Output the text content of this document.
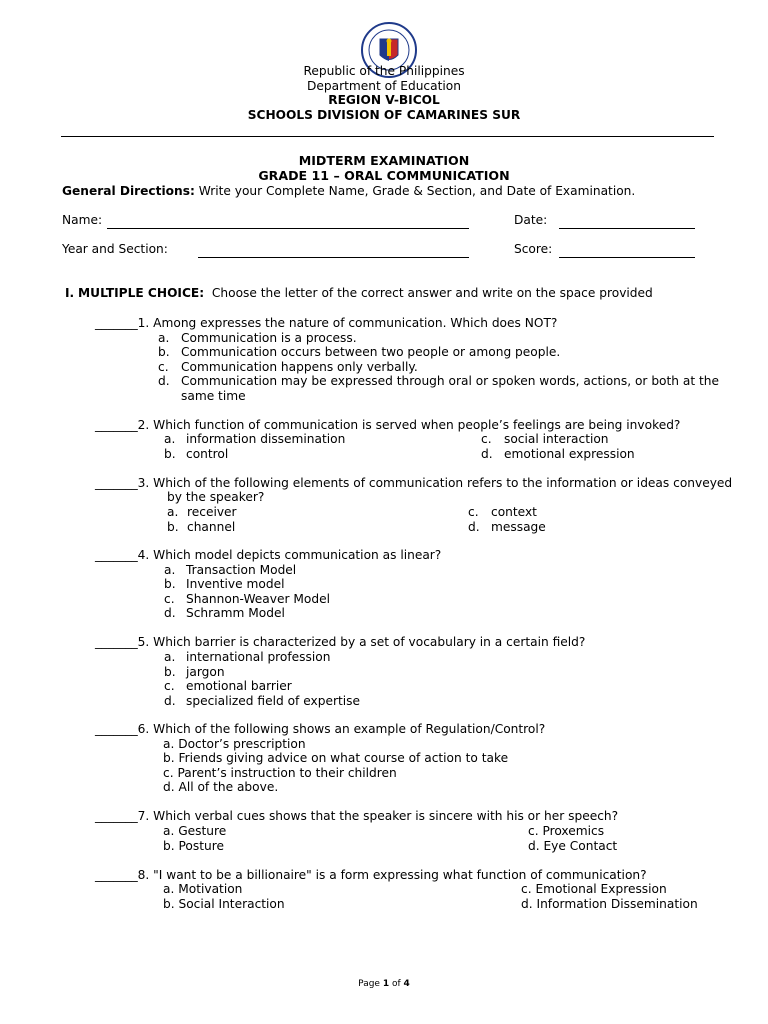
Republic of the Philippines
Department of Education
REGION V-BICOL
SCHOOLS DIVISION OF CAMARINES SUR
MIDTERM EXAMINATION
GRADE 11 – ORAL COMMUNICATION
General Directions: Write your Complete Name, Grade & Section, and Date of Examination.
Name:	Date:
Year and Section:	Score:
I. MULTIPLE CHOICE: Choose the letter of the correct answer and write on the space provided
_______1. Among expresses the nature of communication. Which does NOT?
a. Communication is a process.
b. Communication occurs between two people or among people.
c. Communication happens only verbally.
d. Communication may be expressed through oral or spoken words, actions, or both at the
same time
_______2. Which function of communication is served when people’s feelings are being invoked?
a. information dissemination	c. social interaction
b. control	d. emotional expression
_______3. Which of the following elements of communication refers to the information or ideas conveyed
by the speaker?
a. receiver	c. context
b. channel	d. message
_______4. Which model depicts communication as linear?
a. Transaction Model
b. Inventive model
c. Shannon-Weaver Model
d. Schramm Model
_______5. Which barrier is characterized by a set of vocabulary in a certain field?
a. international profession
b. jargon
c. emotional barrier
d. specialized field of expertise
_______6. Which of the following shows an example of Regulation/Control?
a. Doctor’s prescription
b. Friends giving advice on what course of action to take
c. Parent’s instruction to their children
d. All of the above.
_______7. Which verbal cues shows that the speaker is sincere with his or her speech?
a. Gesture	c. Proxemics
b. Posture	d. Eye Contact
_______8. "I want to be a billionaire" is a form expressing what function of communication?
a. Motivation	c. Emotional Expression
b. Social Interaction	d. Information Dissemination
Page 1 of 4
